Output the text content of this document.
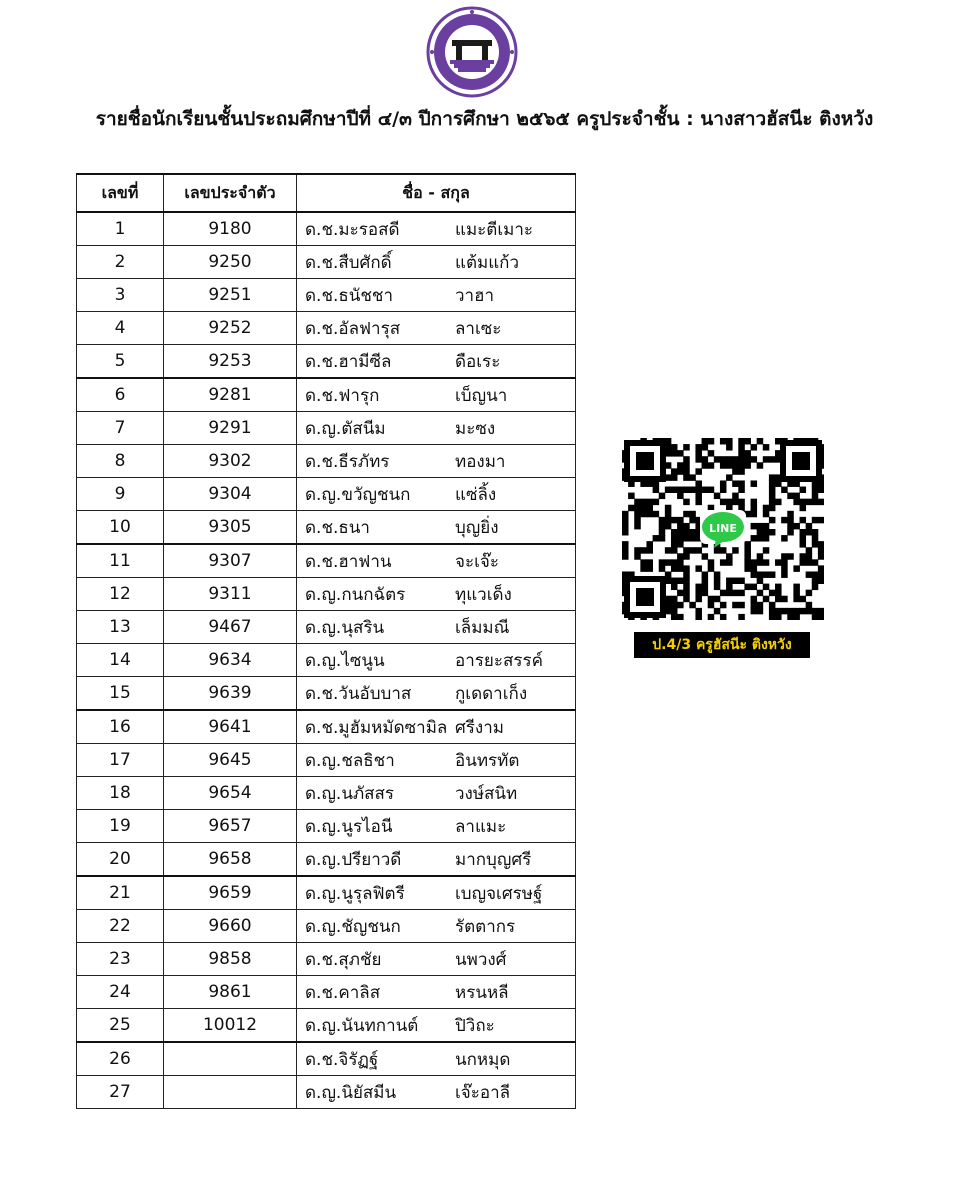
รายชื่อนักเรียนชั้นประถมศึกษาปีที่ ๔/๓ ปีการศึกษา ๒๕๖๕ ครูประจำชั้น : นางสาวฮัสนีะ ติงหวัง
เลขที่	เลขประจำตัว	ชื่อ - สกุล
1	9180	ด.ช.มะรอสดี แมะตีเมาะ
2	9250	ด.ช.สืบศักดิ์ แต้มแก้ว
3	9251	ด.ช.ธนัชชา วาฮา
4	9252	ด.ช.อัลฟารุส ลาเซะ
5	9253	ด.ช.ฮามีซีล ดือเระ
6	9281	ด.ช.ฟารุก เบ็ญนา
7	9291	ด.ญ.ตัสนีม มะซง
8	9302	ด.ช.ธีรภัทร ทองมา
9	9304	ด.ญ.ขวัญชนก แซ่ลิ้ง
10	9305	ด.ช.ธนา บุญยิ่ง
11	9307	ด.ช.ฮาฟาน จะเจ๊ะ
12	9311	ด.ญ.กนกฉัตร ทุแวเด็ง
13	9467	ด.ญ.นุสริน เล็มมณี
14	9634	ด.ญ.ไซนูน อารยะสรรค์
15	9639	ด.ช.วันอับบาส กูเดดาเก็ง
16	9641	ด.ช.มูฮัมหมัดซามิล ศรีงาม
17	9645	ด.ญ.ชลธิชา อินทรทัต
18	9654	ด.ญ.นภัสสร วงษ์สนิท
19	9657	ด.ญ.นูรไอนี ลาแมะ
20	9658	ด.ญ.ปรียาวดี มากบุญศรี
21	9659	ด.ญ.นูรุลฟิตรี เบญจเศรษฐ์
22	9660	ด.ญ.ชัญชนก รัตตากร
23	9858	ด.ช.สุภชัย นพวงศ์
24	9861	ด.ช.คาลิส หรนหลี
25	10012	ด.ญ.นันทกานต์ ปิวิถะ
26		ด.ช.จิรัฏฐ์ นกหมุด
27		ด.ญ.นิยัสมีน เจ๊ะอาลี
LINE
ป.4/3 ครูฮัสนีะ ติงหวัง
